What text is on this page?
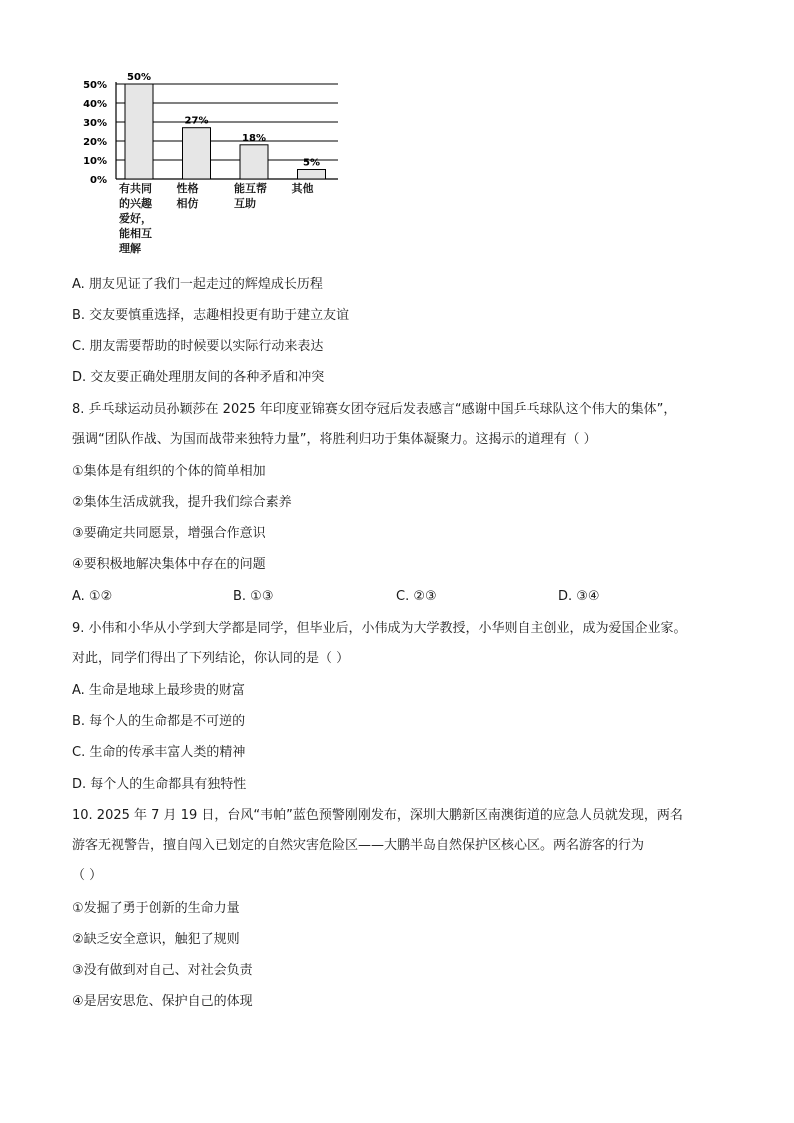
0%
10%
20%
30%
40%
50%
50%
27%
18%
5%
有共同
的兴趣
爱好，
能相互
理解
性格
相仿
能互帮
互助
其他
A. 朋友见证了我们一起走过的辉煌成长历程
B. 交友要慎重选择，志趣相投更有助于建立友谊
C. 朋友需要帮助的时候要以实际行动来表达
D. 交友要正确处理朋友间的各种矛盾和冲突
8. 乒乓球运动员孙颖莎在 2025 年印度亚锦赛女团夺冠后发表感言“感谢中国乒乓球队这个伟大的集体”，
强调“团队作战、为国而战带来独特力量”，将胜利归功于集体凝聚力。这揭示的道理有（ ）
①集体是有组织的个体的简单相加
②集体生活成就我，提升我们综合素养
③要确定共同愿景，增强合作意识
④要积极地解决集体中存在的问题
A. ①②	B. ①③	C. ②③	D. ③④
9. 小伟和小华从小学到大学都是同学，但毕业后，小伟成为大学教授，小华则自主创业，成为爱国企业家。
对此，同学们得出了下列结论，你认同的是（ ）
A. 生命是地球上最珍贵的财富
B. 每个人的生命都是不可逆的
C. 生命的传承丰富人类的精神
D. 每个人的生命都具有独特性
10. 2025 年 7 月 19 日，台风“韦帕”蓝色预警刚刚发布，深圳大鹏新区南澳街道的应急人员就发现，两名
游客无视警告，擅自闯入已划定的自然灾害危险区——大鹏半岛自然保护区核心区。两名游客的行为
（ ）
①发掘了勇于创新的生命力量
②缺乏安全意识，触犯了规则
③没有做到对自己、对社会负责
④是居安思危、保护自己的体现
